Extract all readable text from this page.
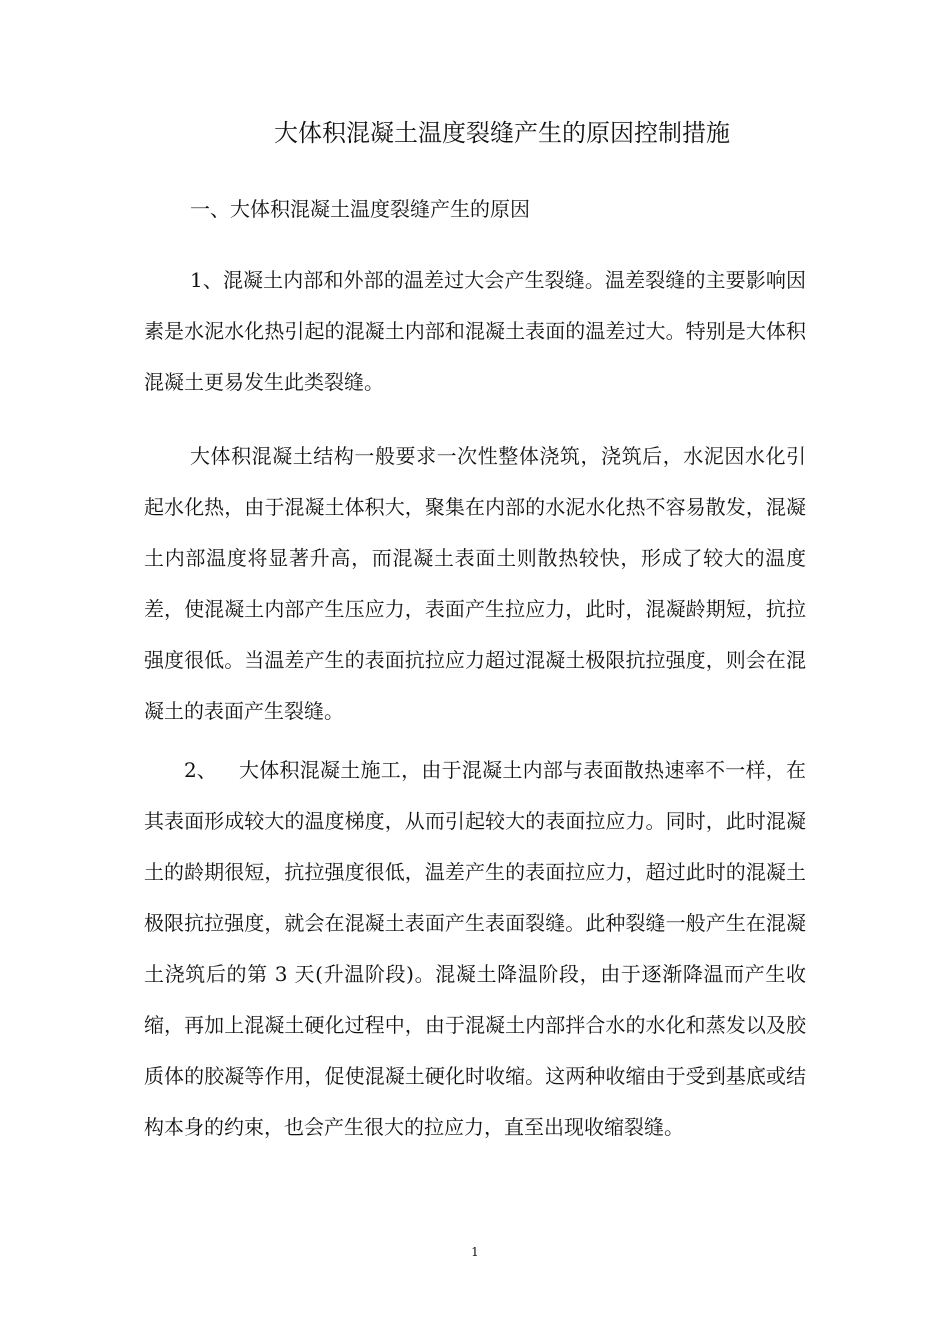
大体积混凝土温度裂缝产生的原因控制措施
一、大体积混凝土温度裂缝产生的原因

1、混凝土内部和外部的温差过大会产生裂缝。温差裂缝的主要影响因素是水泥水化热引起的混凝土内部和混凝土表面的温差过大。特别是大体积混凝土更易发生此类裂缝。

大体积混凝土结构一般要求一次性整体浇筑，浇筑后，水泥因水化引起水化热，由于混凝土体积大，聚集在内部的水泥水化热不容易散发，混凝土内部温度将显著升高，而混凝土表面土则散热较快，形成了较大的温度差，使混凝土内部产生压应力，表面产生拉应力，此时，混凝龄期短，抗拉强度很低。当温差产生的表面抗拉应力超过混凝土极限抗拉强度，则会在混凝土的表面产生裂缝。

2、 大体积混凝土施工，由于混凝土内部与表面散热速率不一样，在其表面形成较大的温度梯度，从而引起较大的表面拉应力。同时，此时混凝土的龄期很短，抗拉强度很低，温差产生的表面拉应力，超过此时的混凝土极限抗拉强度，就会在混凝土表面产生表面裂缝。此种裂缝一般产生在混凝土浇筑后的第 3 天(升温阶段)。混凝土降温阶段，由于逐渐降温而产生收缩，再加上混凝土硬化过程中，由于混凝土内部拌合水的水化和蒸发以及胶质体的胶凝等作用，促使混凝土硬化时收缩。这两种收缩由于受到基底或结构本身的约束，也会产生很大的拉应力，直至出现收缩裂缝。

1
